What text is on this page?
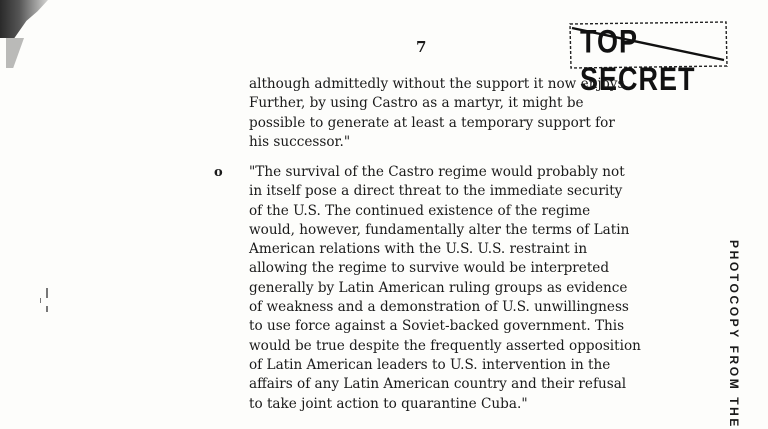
7	TOP SECRET
although admittedly without the support it now enjoys.
Further, by using Castro as a martyr, it might be
possible to generate at least a temporary support for
his successor."
o "The survival of the Castro regime would probably not
in itself pose a direct threat to the immediate security
of the U.S. The continued existence of the regime
would, however, fundamentally alter the terms of Latin
American relations with the U.S. U.S. restraint in
allowing the regime to survive would be interpreted
generally by Latin American ruling groups as evidence
of weakness and a demonstration of U.S. unwillingness
to use force against a Soviet-backed government. This
would be true despite the frequently asserted opposition
of Latin American leaders to U.S. intervention in the
affairs of any Latin American country and their refusal
to take joint action to quarantine Cuba."	PHOTOCOPY FROM THE
